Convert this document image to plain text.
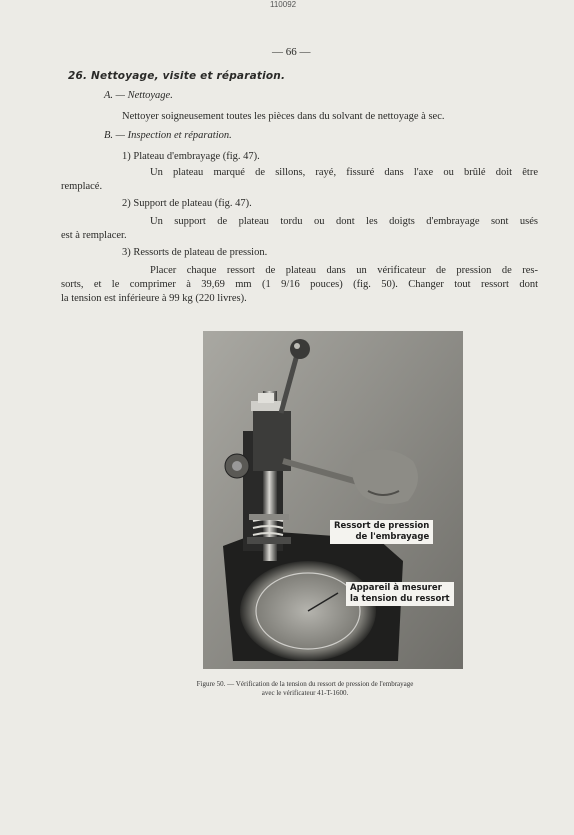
110092
— 66 —
26. Nettoyage, visite et réparation.
A. — Nettoyage.
Nettoyer soigneusement toutes les pièces dans du solvant de nettoyage à sec.
B. — Inspection et réparation.
1) Plateau d'embrayage (fig. 47).
Un plateau marqué de sillons, rayé, fissuré dans l'axe ou brûlé doit être
remplacé.
2) Support de plateau (fig. 47).
Un support de plateau tordu ou dont les doigts d'embrayage sont usés
est à remplacer.
3) Ressorts de plateau de pression.
Placer chaque ressort de plateau dans un vérificateur de pression de res-
sorts, et le comprimer à 39,69 mm (1 9/16 pouces) (fig. 50). Changer tout ressort dont
la tension est inférieure à 99 kg (220 livres).
Ressort de pression
de l'embrayage
Appareil à mesurer
la tension du ressort
Figure 50. — Vérification de la tension du ressort de pression de l'embrayage
avec le vérificateur 41-T-1600.
